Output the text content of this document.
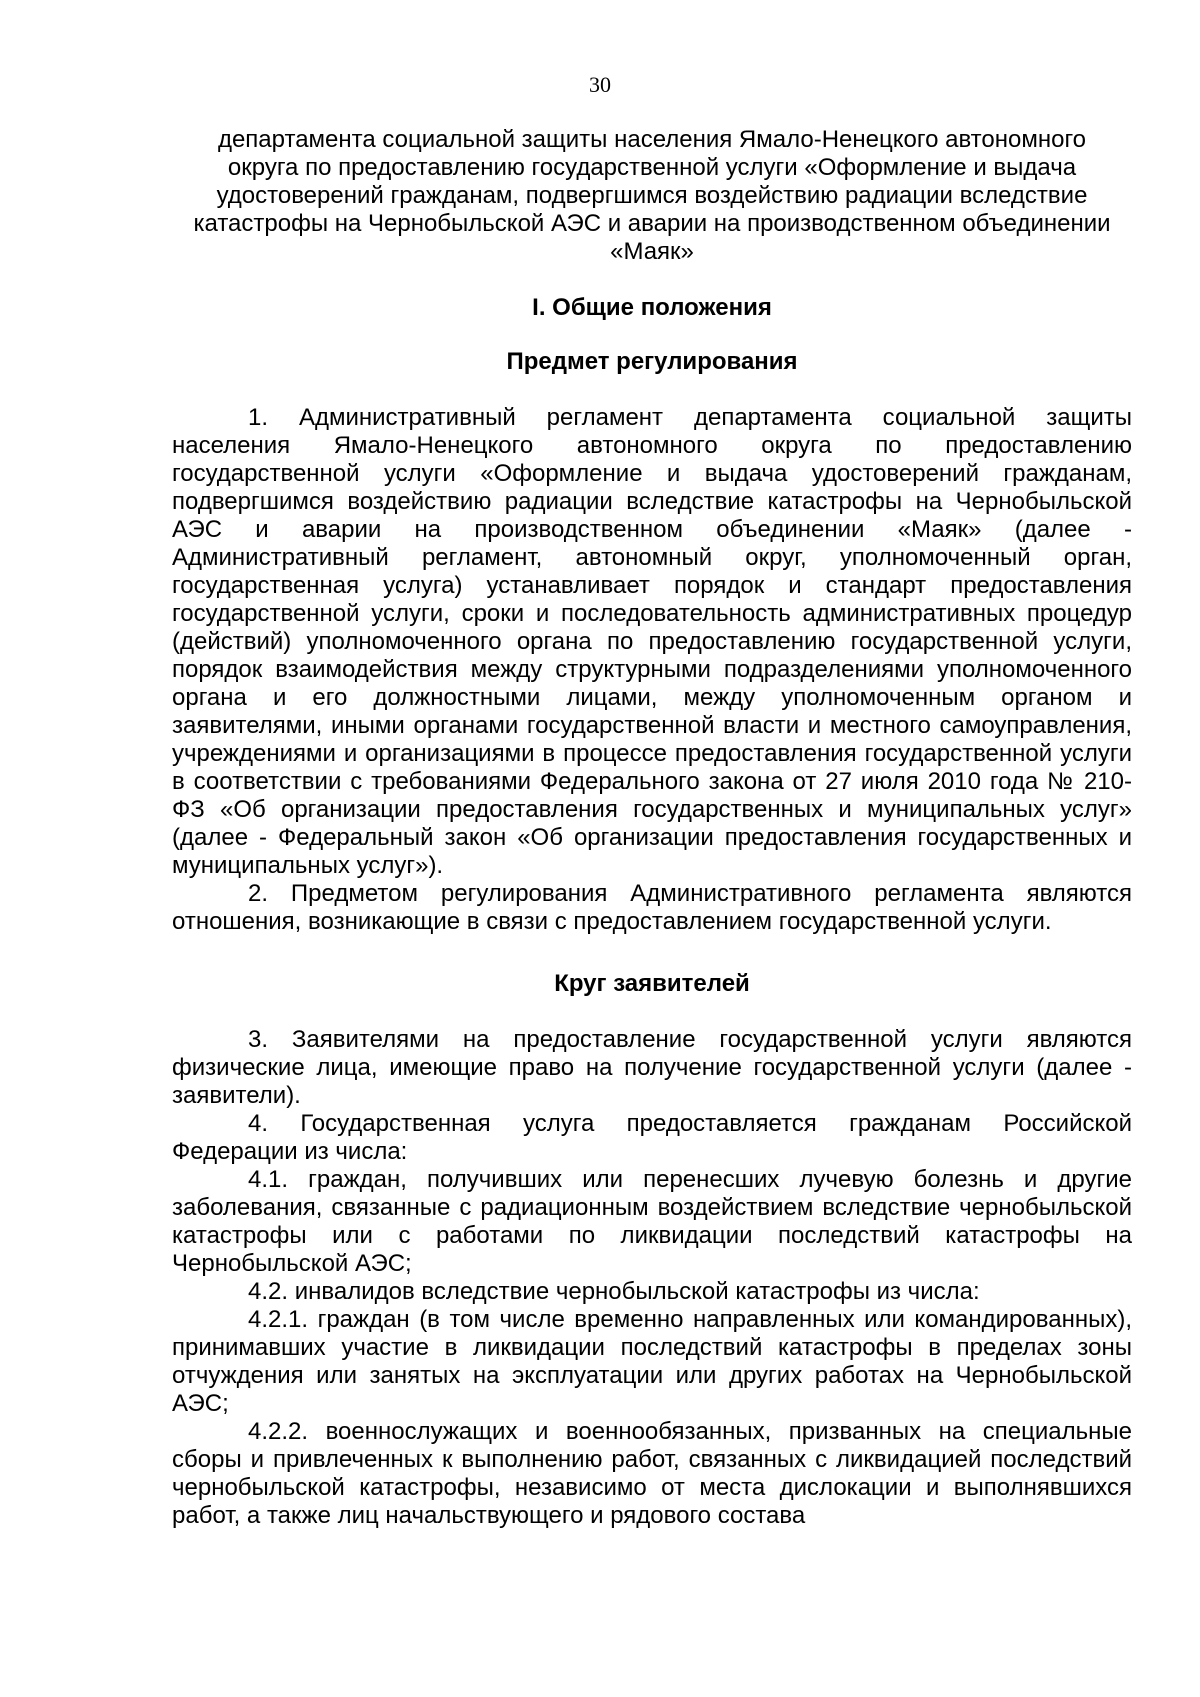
30

департамента социальной защиты населения Ямало-Ненецкого автономного округа по предоставлению государственной услуги «Оформление и выдача удостоверений гражданам, подвергшимся воздействию радиации вследствие катастрофы на Чернобыльской АЭС и аварии на производственном объединении «Маяк»

I. Общие положения

Предмет регулирования

1. Административный регламент департамента социальной защиты населения Ямало-Ненецкого автономного округа по предоставлению государственной услуги «Оформление и выдача удостоверений гражданам, подвергшимся воздействию радиации вследствие катастрофы на Чернобыльской АЭС и аварии на производственном объединении «Маяк» (далее - Административный регламент, автономный округ, уполномоченный орган, государственная услуга) устанавливает порядок и стандарт предоставления государственной услуги, сроки и последовательность административных процедур (действий) уполномоченного органа по предоставлению государственной услуги, порядок взаимодействия между структурными подразделениями уполномоченного органа и его должностными лицами, между уполномоченным органом и заявителями, иными органами государственной власти и местного самоуправления, учреждениями и организациями в процессе предоставления государственной услуги в соответствии с требованиями Федерального закона от 27 июля 2010 года № 210-ФЗ «Об организации предоставления государственных и муниципальных услуг» (далее - Федеральный закон «Об организации предоставления государственных и муниципальных услуг»).

2. Предметом регулирования Административного регламента являются отношения, возникающие в связи с предоставлением государственной услуги.

Круг заявителей

3. Заявителями на предоставление государственной услуги являются физические лица, имеющие право на получение государственной услуги (далее - заявители).

4. Государственная услуга предоставляется гражданам Российской Федерации из числа:

4.1. граждан, получивших или перенесших лучевую болезнь и другие заболевания, связанные с радиационным воздействием вследствие чернобыльской катастрофы или с работами по ликвидации последствий катастрофы на Чернобыльской АЭС;

4.2. инвалидов вследствие чернобыльской катастрофы из числа:

4.2.1. граждан (в том числе временно направленных или командированных), принимавших участие в ликвидации последствий катастрофы в пределах зоны отчуждения или занятых на эксплуатации или других работах на Чернобыльской АЭС;

4.2.2. военнослужащих и военнообязанных, призванных на специальные сборы и привлеченных к выполнению работ, связанных с ликвидацией последствий чернобыльской катастрофы, независимо от места дислокации и выполнявшихся работ, а также лиц начальствующего и рядового состава
